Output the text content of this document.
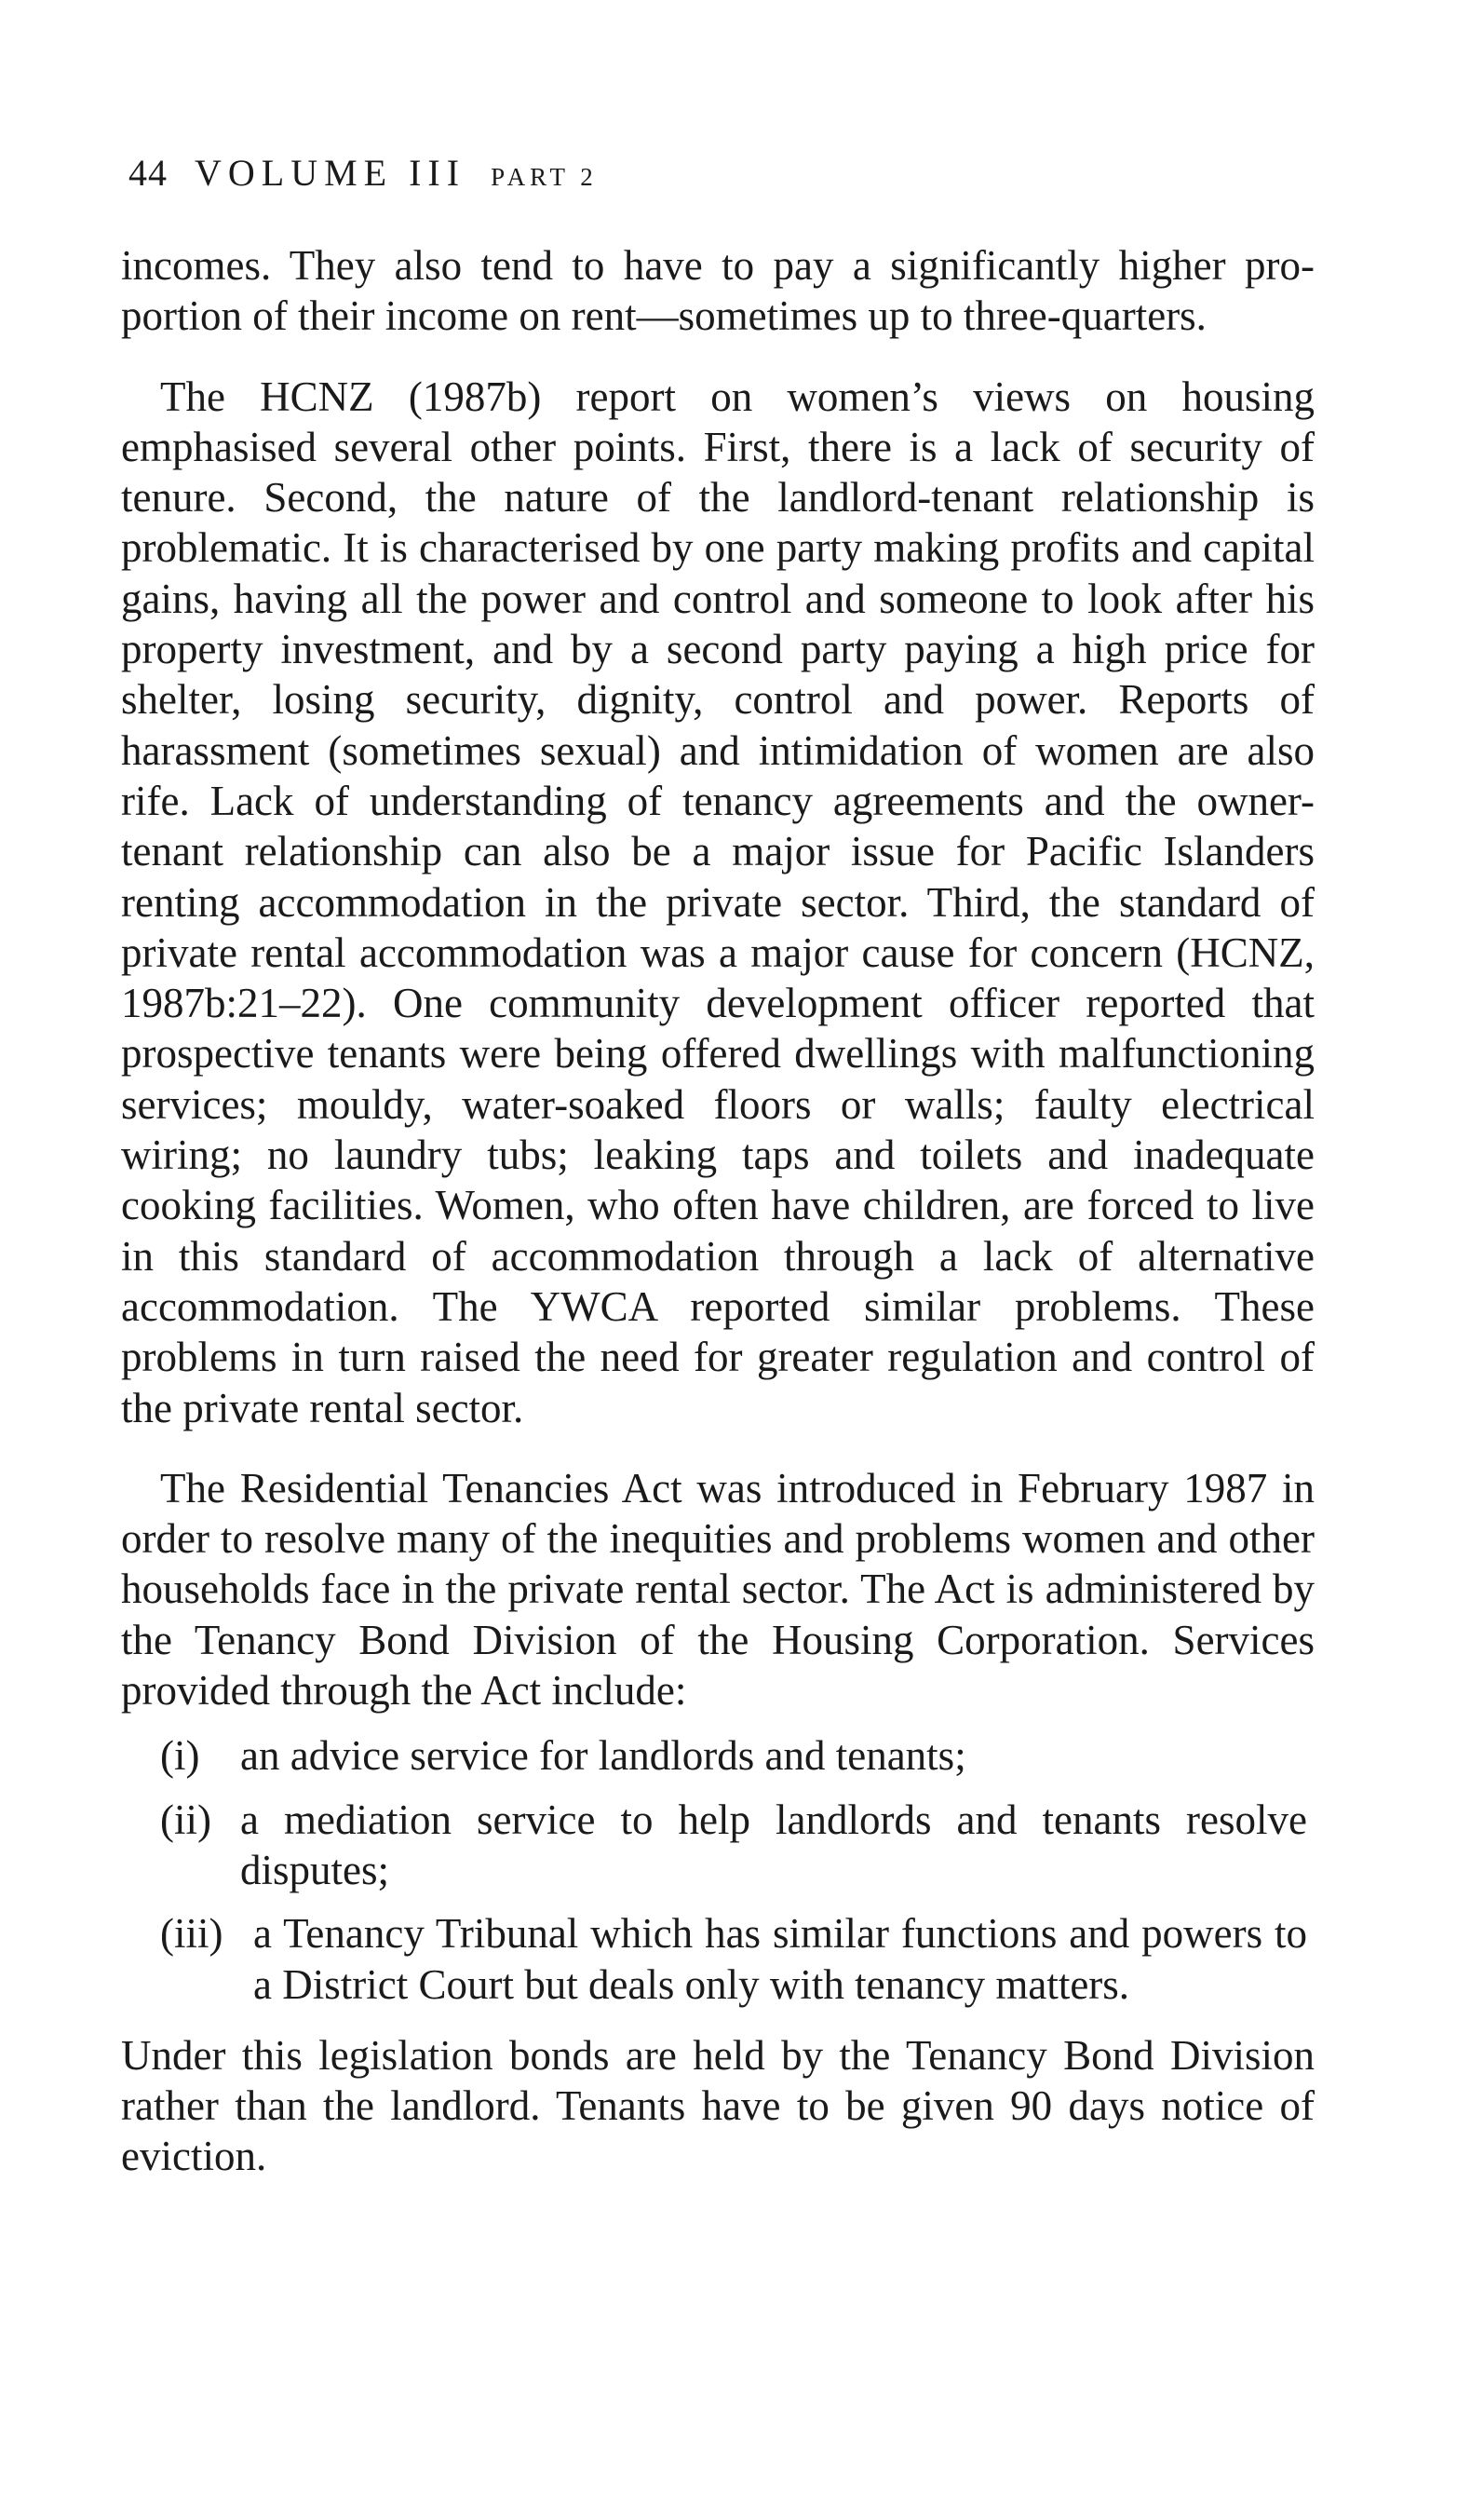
44 VOLUME III PART 2

incomes. They also tend to have to pay a significantly higher proportion of their income on rent—sometimes up to three-quarters.

The HCNZ (1987b) report on women’s views on housing emphasised several other points. First, there is a lack of security of tenure. Second, the nature of the landlord-tenant relationship is problematic. It is characterised by one party making profits and capital gains, having all the power and control and someone to look after his property investment, and by a second party paying a high price for shelter, losing security, dignity, control and power. Reports of harassment (sometimes sexual) and intimidation of women are also rife. Lack of understanding of tenancy agreements and the owner-tenant relationship can also be a major issue for Pacific Islanders renting accommodation in the private sector. Third, the standard of private rental accommodation was a major cause for concern (HCNZ, 1987b:21–22). One community development officer reported that prospective tenants were being offered dwellings with malfunctioning services; mouldy, water-soaked floors or walls; faulty electrical wiring; no laundry tubs; leaking taps and toilets and inadequate cooking facilities. Women, who often have children, are forced to live in this standard of accommodation through a lack of alternative accommodation. The YWCA reported similar problems. These problems in turn raised the need for greater regulation and control of the private rental sector.

The Residential Tenancies Act was introduced in February 1987 in order to resolve many of the inequities and problems women and other households face in the private rental sector. The Act is administered by the Tenancy Bond Division of the Housing Corporation. Services provided through the Act include:

(i) an advice service for landlords and tenants;
(ii) a mediation service to help landlords and tenants resolve disputes;
(iii) a Tenancy Tribunal which has similar functions and powers to a District Court but deals only with tenancy matters.

Under this legislation bonds are held by the Tenancy Bond Division rather than the landlord. Tenants have to be given 90 days notice of eviction.
